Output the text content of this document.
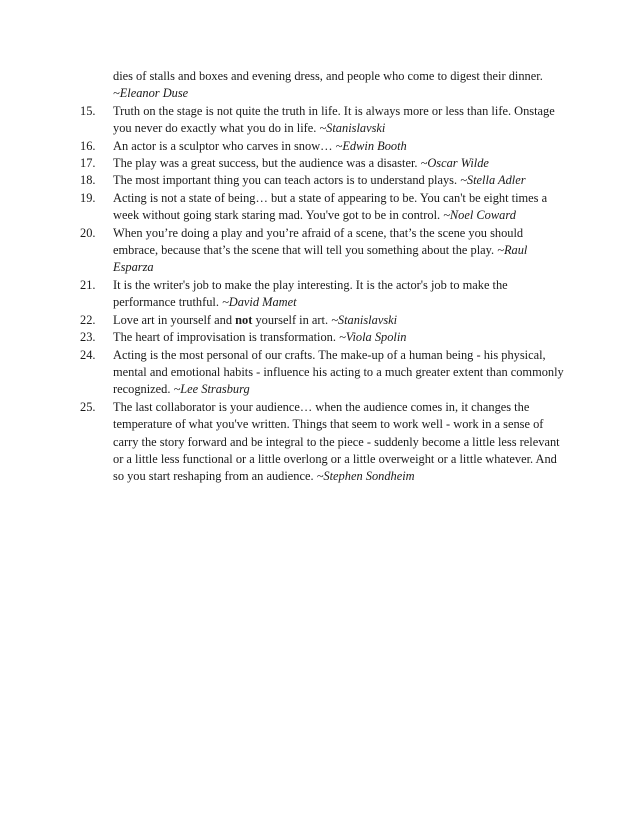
dies of stalls and boxes and evening dress, and people who come to digest their dinner.
~Eleanor Duse
15.	Truth on the stage is not quite the truth in life. It is always more or less than life. Onstage you never do exactly what you do in life. ~Stanislavski
16.	An actor is a sculptor who carves in snow… ~Edwin Booth
17.	The play was a great success, but the audience was a disaster. ~Oscar Wilde
18.	The most important thing you can teach actors is to understand plays. ~Stella Adler
19.	Acting is not a state of being… but a state of appearing to be. You can't be eight times a week without going stark staring mad. You've got to be in control. ~Noel Coward
20.	When you’re doing a play and you’re afraid of a scene, that’s the scene you should embrace, because that’s the scene that will tell you something about the play. ~Raul Esparza
21.	It is the writer's job to make the play interesting. It is the actor's job to make the performance truthful. ~David Mamet
22.	Love art in yourself and not yourself in art. ~Stanislavski
23.	The heart of improvisation is transformation. ~Viola Spolin
24.	Acting is the most personal of our crafts. The make-up of a human being - his physical, mental and emotional habits - influence his acting to a much greater extent than commonly recognized. ~Lee Strasburg
25.	The last collaborator is your audience… when the audience comes in, it changes the temperature of what you've written. Things that seem to work well - work in a sense of carry the story forward and be integral to the piece - suddenly become a little less relevant or a little less functional or a little overlong or a little overweight or a little whatever. And so you start reshaping from an audience. ~Stephen Sondheim
